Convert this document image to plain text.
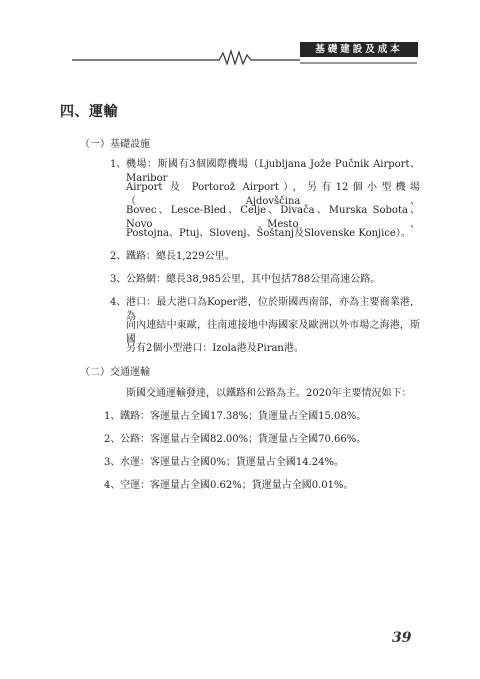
基礎建設及成本
四、運輸
（一）基礎設施
1、 機場：斯國有3個國際機場（Ljubljana Jože Pučnik Airport、Maribor
Airport 及 Portorož Airport），另有12個小型機場（Ajdovščina、
Bovec、Lesce-Bled、Celje、Divača、Murska Sobota、Novo Mesto、
Postojna、Ptuj、Slovenj、Šoštanj及Slovenske Konjice）。
2、 鐵路：總長1,229公里。
3、 公路網：總長38,985公里，其中包括788公里高速公路。
4、 港口：最大港口為Koper港，位於斯國西南部，亦為主要商業港，為
向內連結中東歐，往南連接地中海國家及歐洲以外市場之海港，斯國
另有2個小型港口：Izola港及Piran港。
（二）交通運輸
斯國交通運輸發達，以鐵路和公路為主。2020年主要情況如下：
1、 鐵路：客運量占全國17.38%；貨運量占全國15.08%。
2、 公路：客運量占全國82.00%；貨運量占全國70.66%。
3、 水運：客運量占全國0%；貨運量占全國14.24%。
4、 空運：客運量占全國0.62%；貨運量占全國0.01%。
39
